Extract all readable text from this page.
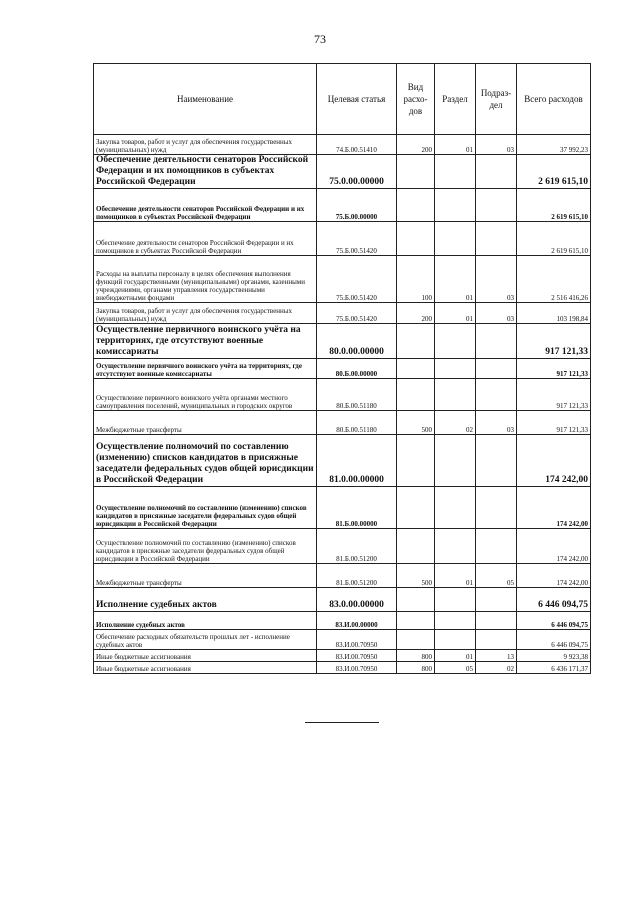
73
Наименование	Целевая статья	Вид расхо- дов	Раздел	Подраз- дел	Всего расходов
Закупка товаров, работ и услуг для обеспечения государственных (муниципальных) нужд	74.Б.00.51410	200	01	03	37 992,23
Обеспечение деятельности сенаторов Российской Федерации и их помощников в субъектах Российской Федерации	75.0.00.00000				2 619 615,10
Обеспечение деятельности сенаторов Российской Федерации и их помощников в субъектах Российской Федерации	75.Б.00.00000				2 619 615,10
Обеспечение деятельности сенаторов Российской Федерации и их помощников в субъектах Российской Федерации	75.Б.00.51420				2 619 615,10
Расходы на выплаты персоналу в целях обеспечения выполнения функций государственными (муниципальными) органами, казенными учреждениями, органами управления государственными внебюджетными фондами	75.Б.00.51420	100	01	03	2 516 416,26
Закупка товаров, работ и услуг для обеспечения государственных (муниципальных) нужд	75.Б.00.51420	200	01	03	103 198,84
Осуществление первичного воинского учёта на территориях, где отсутствуют военные комиссариаты	80.0.00.00000				917 121,33
Осуществление первичного воинского учёта на территориях, где отсутствуют военные комиссариаты	80.Б.00.00000				917 121,33
Осуществление первичного воинского учёта органами местного самоуправления поселений, муниципальных и городских округов	80.Б.00.51180				917 121,33
Межбюджетные трансферты	80.Б.00.51180	500	02	03	917 121,33
Осуществление полномочий по составлению (изменению) списков кандидатов в присяжные заседатели федеральных судов общей юрисдикции в Российской Федерации	81.0.00.00000				174 242,00
Осуществление полномочий по составлению (изменению) списков кандидатов в присяжные заседатели федеральных судов общей юрисдикции в Российской Федерации	81.Б.00.00000				174 242,00
Осуществление полномочий по составлению (изменению) списков кандидатов в присяжные заседатели федеральных судов общей юрисдикции в Российской Федерации	81.Б.00.51200				174 242,00
Межбюджетные трансферты	81.Б.00.51200	500	01	05	174 242,00
Исполнение судебных актов	83.0.00.00000				6 446 094,75
Исполнение судебных актов	83.И.00.00000				6 446 094,75
Обеспечение расходных обязательств прошлых лет - исполнение судебных актов	83.И.00.70950				6 446 094,75
Иные бюджетные ассигнования	83.И.00.70950	800	01	13	9 923,38
Иные бюджетные ассигнования	83.И.00.70950	800	05	02	6 436 171,37
